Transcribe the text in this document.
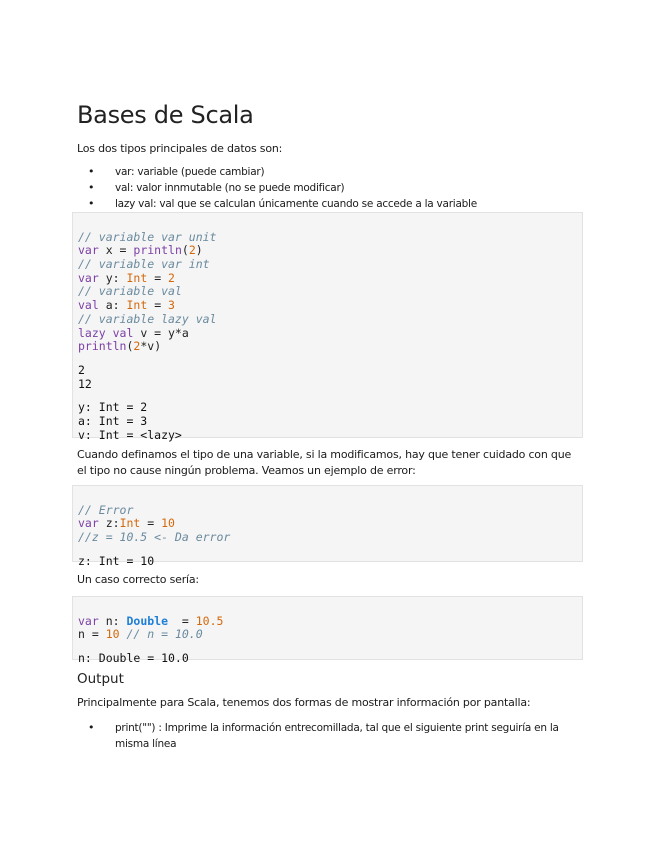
Bases de Scala

Los dos tipos principales de datos son:

• var: variable (puede cambiar)
• val: valor innmutable (no se puede modificar)
• lazy val: val que se calculan únicamente cuando se accede a la variable

// variable var unit
var x = println(2)
// variable var int
var y: Int = 2
// variable val
val a: Int = 3
// variable lazy val
lazy val v = y*a
println(2*v)
2
12
y: Int = 2
a: Int = 3
v: Int = <lazy>

Cuando definamos el tipo de una variable, si la modificamos, hay que tener cuidado con que el tipo no cause ningún problema. Veamos un ejemplo de error:

// Error
var z:Int = 10
//z = 10.5 <- Da error
z: Int = 10

Un caso correcto sería:

var n: Double  = 10.5
n = 10 // n = 10.0
n: Double = 10.0
Output

Principalmente para Scala, tenemos dos formas de mostrar información por pantalla:

• print("") : Imprime la información entrecomillada, tal que el siguiente print seguiría en la misma línea
